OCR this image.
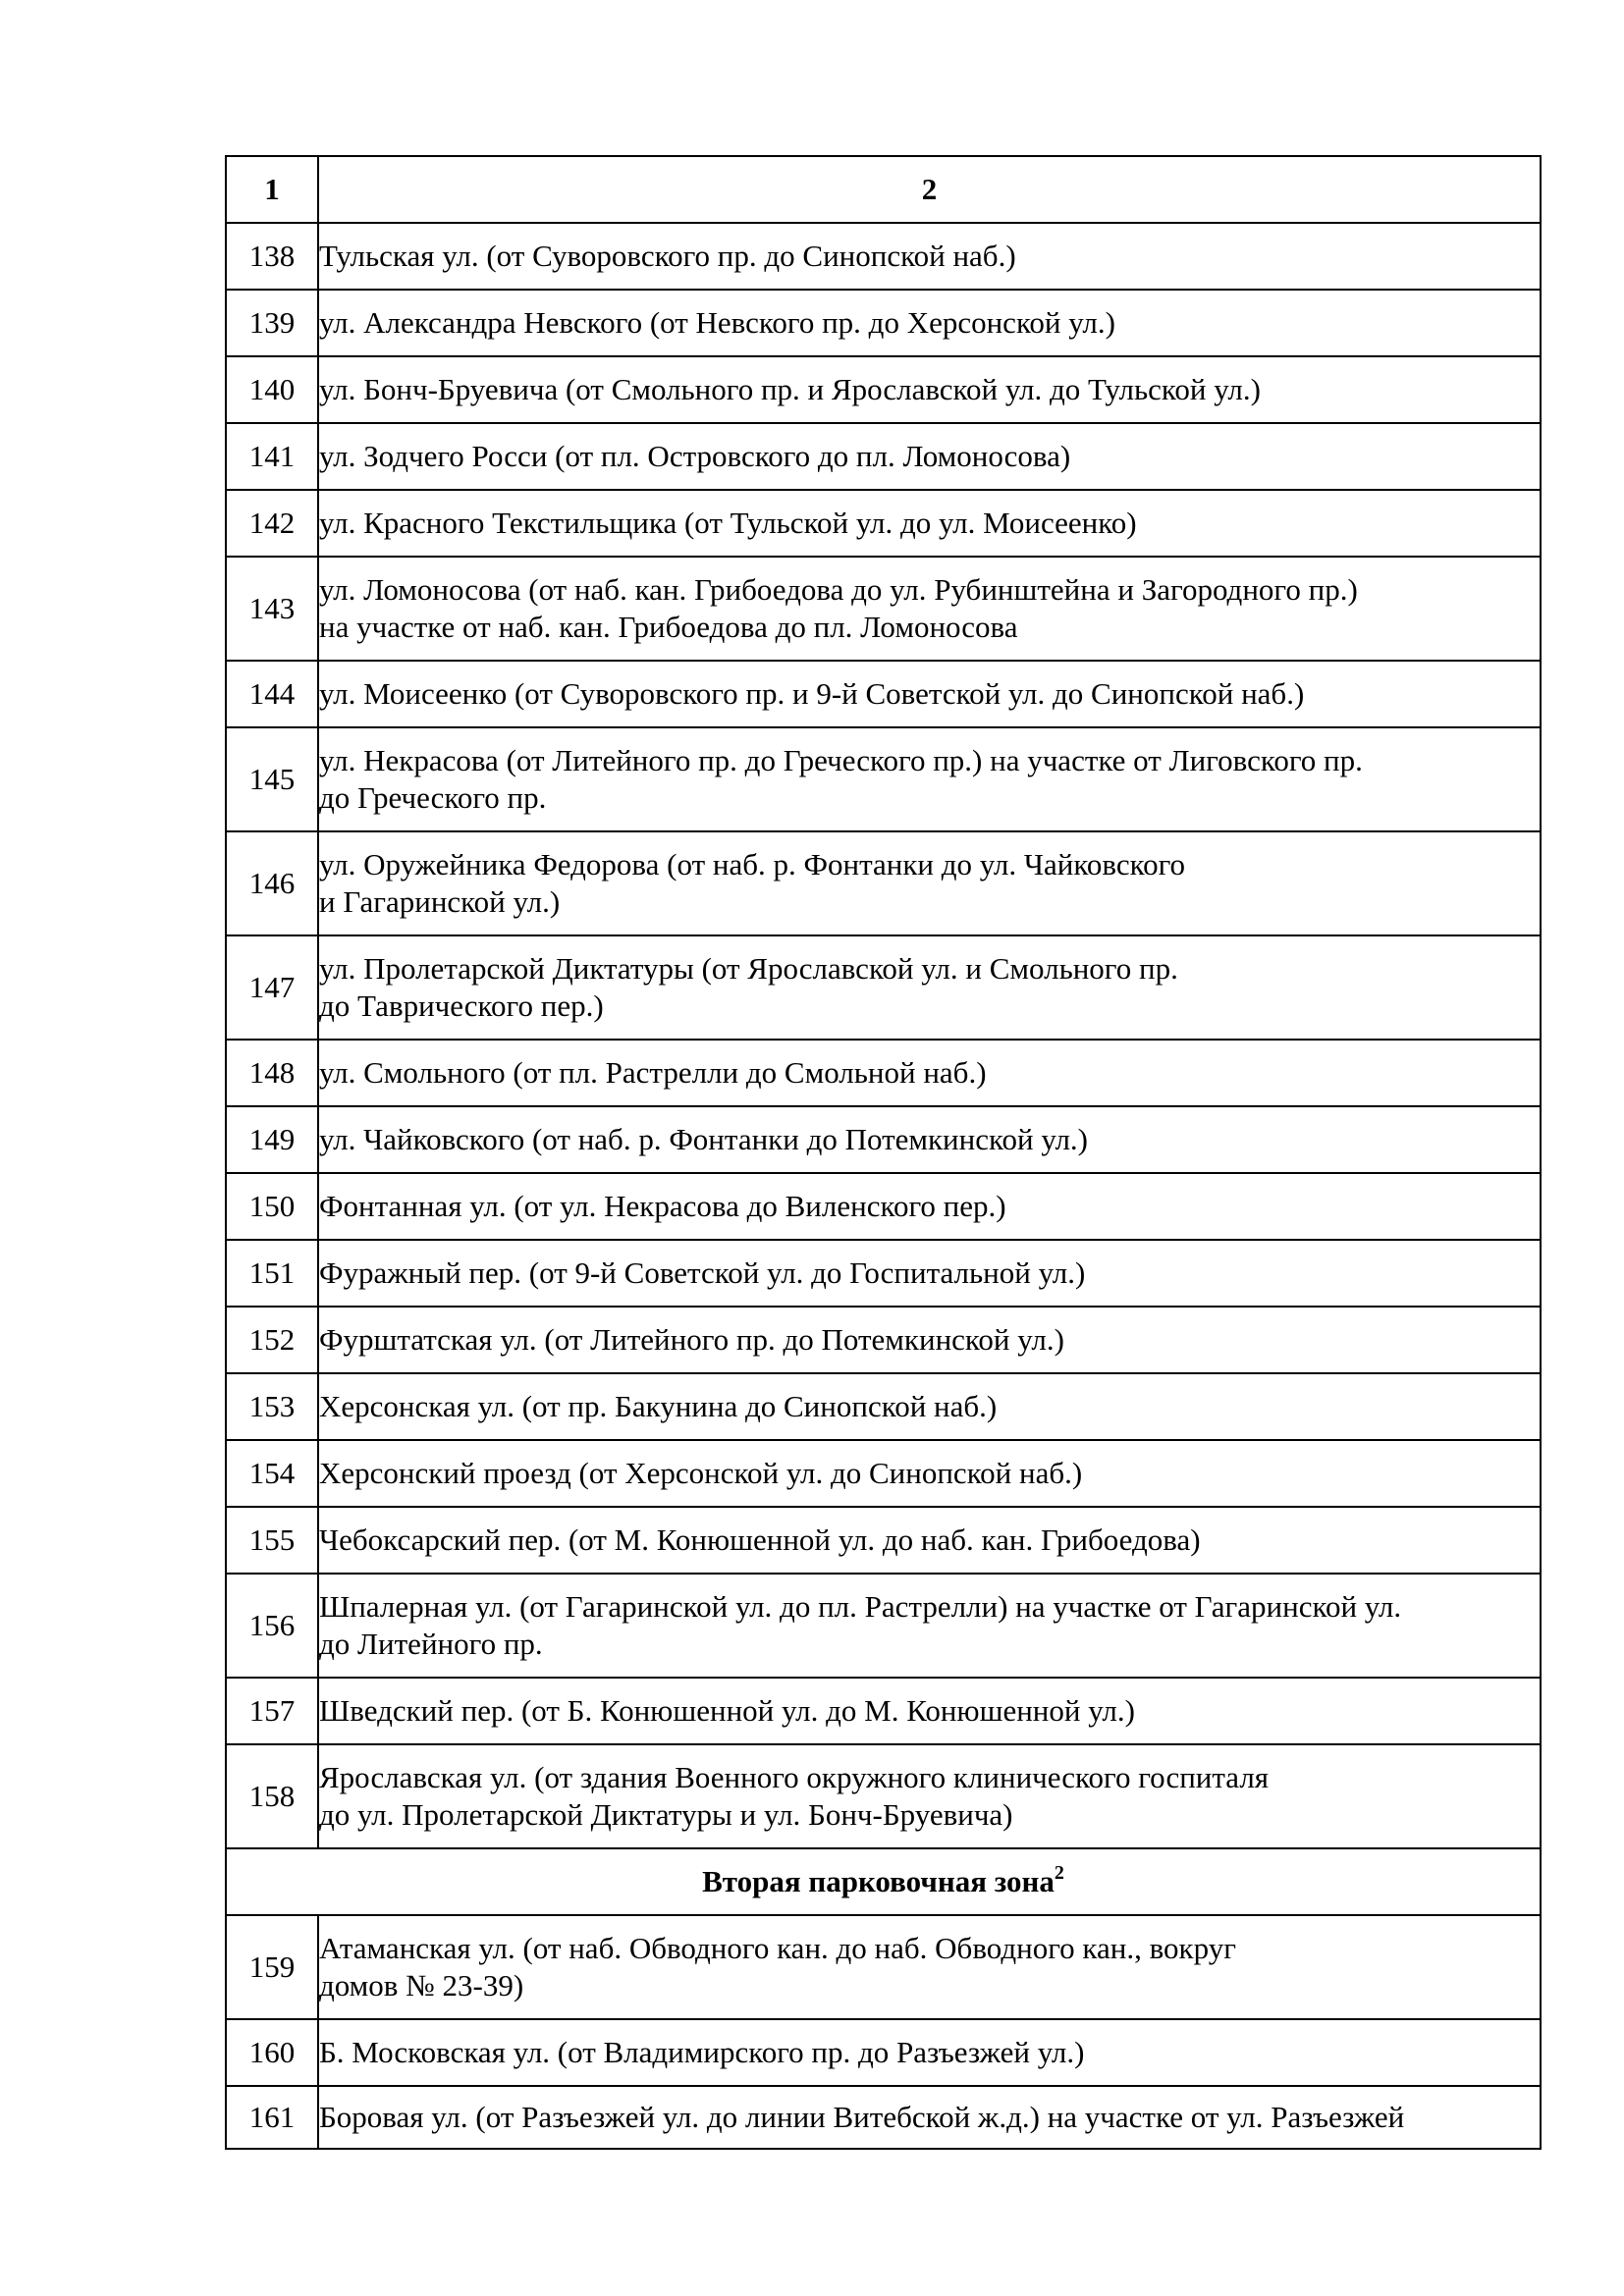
1	2
138	Тульская ул. (от Суворовского пр. до Синопской наб.)

139	ул. Александра Невского (от Невского пр. до Херсонской ул.)

140	ул. Бонч-Бруевича (от Смольного пр. и Ярославской ул. до Тульской ул.)

141	ул. Зодчего Росси (от пл. Островского до пл. Ломоносова)

142	ул. Красного Текстильщика (от Тульской ул. до ул. Моисеенко)

143	ул. Ломоносова (от наб. кан. Грибоедова до ул. Рубинштейна и Загородного пр.)
на участке от наб. кан. Грибоедова до пл. Ломоносова

144	ул. Моисеенко (от Суворовского пр. и 9-й Советской ул. до Синопской наб.)

145	ул. Некрасова (от Литейного пр. до Греческого пр.) на участке от Лиговского пр.
до Греческого пр.

146	ул. Оружейника Федорова (от наб. р. Фонтанки до ул. Чайковского
и Гагаринской ул.)

147	ул. Пролетарской Диктатуры (от Ярославской ул. и Смольного пр.
до Таврического пер.)

148	ул. Смольного (от пл. Растрелли до Смольной наб.)

149	ул. Чайковского (от наб. р. Фонтанки до Потемкинской ул.)

150	Фонтанная ул. (от ул. Некрасова до Виленского пер.)

151	Фуражный пер. (от 9-й Советской ул. до Госпитальной ул.)

152	Фурштатская ул. (от Литейного пр. до Потемкинской ул.)

153	Херсонская ул. (от пр. Бакунина до Синопской наб.)

154	Херсонский проезд (от Херсонской ул. до Синопской наб.)

155	Чебоксарский пер. (от М. Конюшенной ул. до наб. кан. Грибоедова)

156	Шпалерная ул. (от Гагаринской ул. до пл. Растрелли) на участке от Гагаринской ул.
до Литейного пр.

157	Шведский пер. (от Б. Конюшенной ул. до М. Конюшенной ул.)

158	Ярославская ул. (от здания Военного окружного клинического госпиталя
до ул. Пролетарской Диктатуры и ул. Бонч-Бруевича)

Вторая парковочная зона$^2$
159	Атаманская ул. (от наб. Обводного кан. до наб. Обводного кан., вокруг
домов № 23-39)

160	Б. Московская ул. (от Владимирского пр. до Разъезжей ул.)

161	Боровая ул. (от Разъезжей ул. до линии Витебской ж.д.) на участке от ул. Разъезжей
